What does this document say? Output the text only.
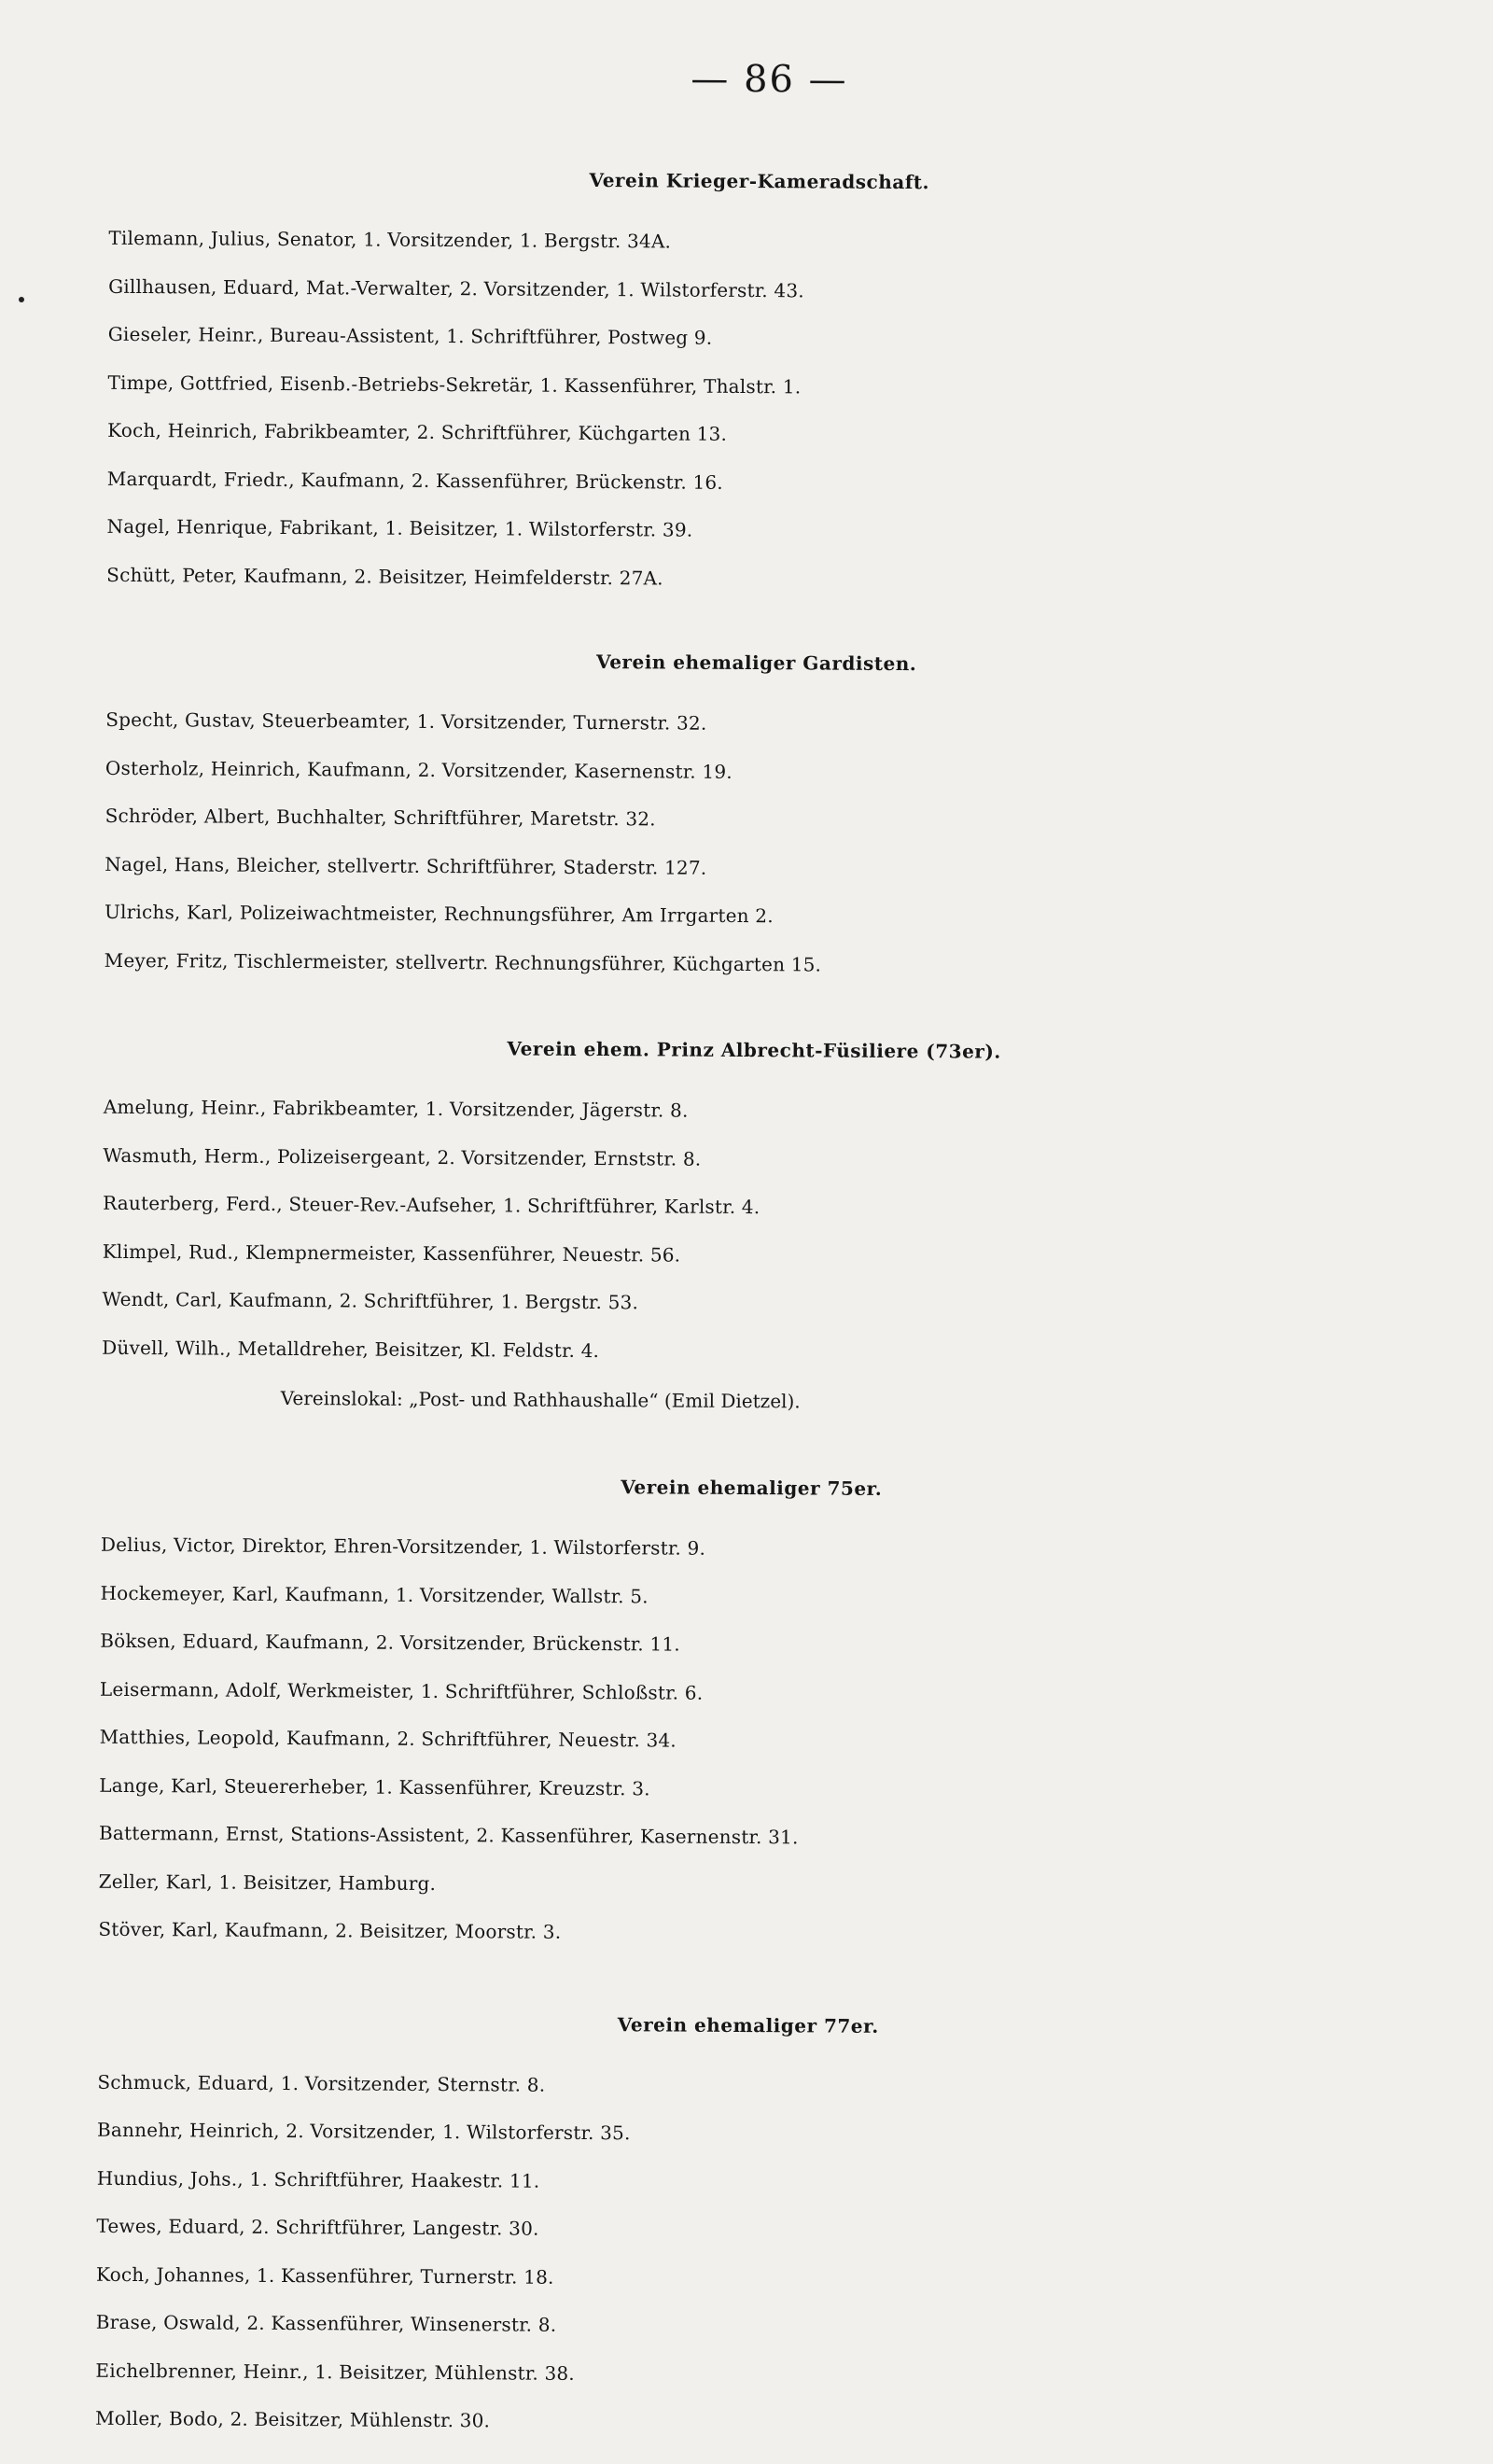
— 86 —
Verein Krieger-Kameradschaft.
Tilemann, Julius, Senator, 1. Vorsitzender, 1. Bergstr. 34A.
Gillhausen, Eduard, Mat.-Verwalter, 2. Vorsitzender, 1. Wilstorferstr. 43.
Gieseler, Heinr., Bureau-Assistent, 1. Schriftführer, Postweg 9.
Timpe, Gottfried, Eisenb.-Betriebs-Sekretär, 1. Kassenführer, Thalstr. 1.
Koch, Heinrich, Fabrikbeamter, 2. Schriftführer, Küchgarten 13.
Marquardt, Friedr., Kaufmann, 2. Kassenführer, Brückenstr. 16.
Nagel, Henrique, Fabrikant, 1. Beisitzer, 1. Wilstorferstr. 39.
Schütt, Peter, Kaufmann, 2. Beisitzer, Heimfelderstr. 27A.
Verein ehemaliger Gardisten.
Specht, Gustav, Steuerbeamter, 1. Vorsitzender, Turnerstr. 32.
Osterholz, Heinrich, Kaufmann, 2. Vorsitzender, Kasernenstr. 19.
Schröder, Albert, Buchhalter, Schriftführer, Maretstr. 32.
Nagel, Hans, Bleicher, stellvertr. Schriftführer, Staderstr. 127.
Ulrichs, Karl, Polizeiwachtmeister, Rechnungsführer, Am Irrgarten 2.
Meyer, Fritz, Tischlermeister, stellvertr. Rechnungsführer, Küchgarten 15.
Verein ehem. Prinz Albrecht-Füsiliere (73er).
Amelung, Heinr., Fabrikbeamter, 1. Vorsitzender, Jägerstr. 8.
Wasmuth, Herm., Polizeisergeant, 2. Vorsitzender, Ernststr. 8.
Rauterberg, Ferd., Steuer-Rev.-Aufseher, 1. Schriftführer, Karlstr. 4.
Klimpel, Rud., Klempnermeister, Kassenführer, Neuestr. 56.
Wendt, Carl, Kaufmann, 2. Schriftführer, 1. Bergstr. 53.
Düvell, Wilh., Metalldreher, Beisitzer, Kl. Feldstr. 4.
Vereinslokal: „Post- und Rathhaushalle“ (Emil Dietzel).
Verein ehemaliger 75er.
Delius, Victor, Direktor, Ehren-Vorsitzender, 1. Wilstorferstr. 9.
Hockemeyer, Karl, Kaufmann, 1. Vorsitzender, Wallstr. 5.
Böksen, Eduard, Kaufmann, 2. Vorsitzender, Brückenstr. 11.
Leisermann, Adolf, Werkmeister, 1. Schriftführer, Schloßstr. 6.
Matthies, Leopold, Kaufmann, 2. Schriftführer, Neuestr. 34.
Lange, Karl, Steuererheber, 1. Kassenführer, Kreuzstr. 3.
Battermann, Ernst, Stations-Assistent, 2. Kassenführer, Kasernenstr. 31.
Zeller, Karl, 1. Beisitzer, Hamburg.
Stöver, Karl, Kaufmann, 2. Beisitzer, Moorstr. 3.
Verein ehemaliger 77er.
Schmuck, Eduard, 1. Vorsitzender, Sternstr. 8.
Bannehr, Heinrich, 2. Vorsitzender, 1. Wilstorferstr. 35.
Hundius, Johs., 1. Schriftführer, Haakestr. 11.
Tewes, Eduard, 2. Schriftführer, Langestr. 30.
Koch, Johannes, 1. Kassenführer, Turnerstr. 18.
Brase, Oswald, 2. Kassenführer, Winsenerstr. 8.
Eichelbrenner, Heinr., 1. Beisitzer, Mühlenstr. 38.
Moller, Bodo, 2. Beisitzer, Mühlenstr. 30.
